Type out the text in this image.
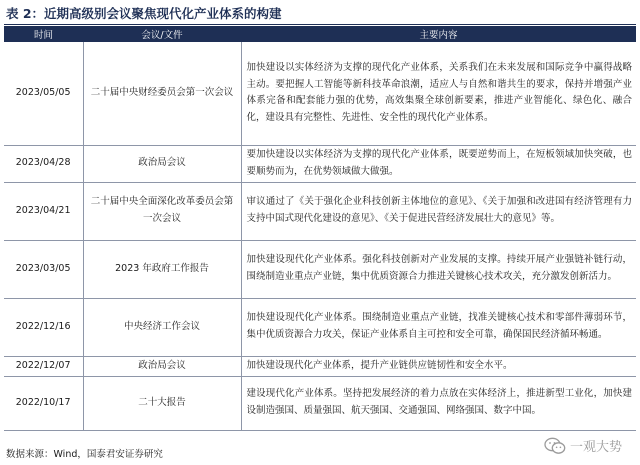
表 2：近期高级别会议聚焦现代化产业体系的构建
时间	会议/文件	主要内容
2023/05/05	二十届中央财经委员会第一次会议	加快建设以实体经济为支撑的现代化产业体系，关系我们在未来发展和国际竞争中赢得战略主动。要把握人工智能等新科技革命浪潮，适应人与自然和谐共生的要求，保持并增强产业体系完备和配套能力强的优势，高效集聚全球创新要素，推进产业智能化、绿色化、融合化，建设具有完整性、先进性、安全性的现代化产业体系。
2023/04/28	政治局会议	要加快建设以实体经济为支撑的现代化产业体系，既要逆势而上，在短板领域加快突破，也要顺势而为，在优势领域做大做强。
2023/04/21	二十届中央全面深化改革委员会第一次会议	审议通过了《关于强化企业科技创新主体地位的意见》、《关于加强和改进国有经济管理有力支持中国式现代化建设的意见》、《关于促进民营经济发展壮大的意见》等。
2023/03/05	2023 年政府工作报告	加快建设现代化产业体系。强化科技创新对产业发展的支撑。持续开展产业强链补链行动，围绕制造业重点产业链，集中优质资源合力推进关键核心技术攻关，充分激发创新活力。
2022/12/16	中央经济工作会议	加快建设现代化产业体系。围绕制造业重点产业链，找准关键核心技术和零部件薄弱环节，集中优质资源合力攻关，保证产业体系自主可控和安全可靠，确保国民经济循环畅通。
2022/12/07	政治局会议	加快建设现代化产业体系，提升产业链供应链韧性和安全水平。
2022/10/17	二十大报告	建设现代化产业体系。坚持把发展经济的着力点放在实体经济上，推进新型工业化，加快建设制造强国、质量强国、航天强国、交通强国、网络强国、数字中国。
数据来源：Wind，国泰君安证券研究	一观大势
